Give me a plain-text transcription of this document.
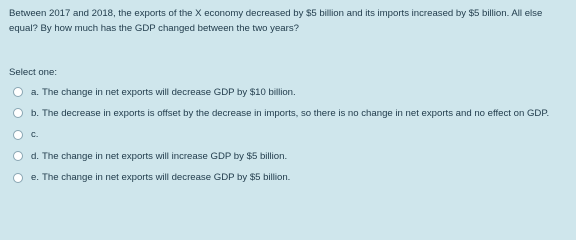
Between 2017 and 2018, the exports of the X economy decreased by $5 billion and its imports increased by $5 billion. All else equal? By how much has the GDP changed between the two years?

Select one:

a. The change in net exports will decrease GDP by $10 billion.
b. The decrease in exports is offset by the decrease in imports, so there is no change in net exports and no effect on GDP.
c.
d. The change in net exports will increase GDP by $5 billion.
e. The change in net exports will decrease GDP by $5 billion.
